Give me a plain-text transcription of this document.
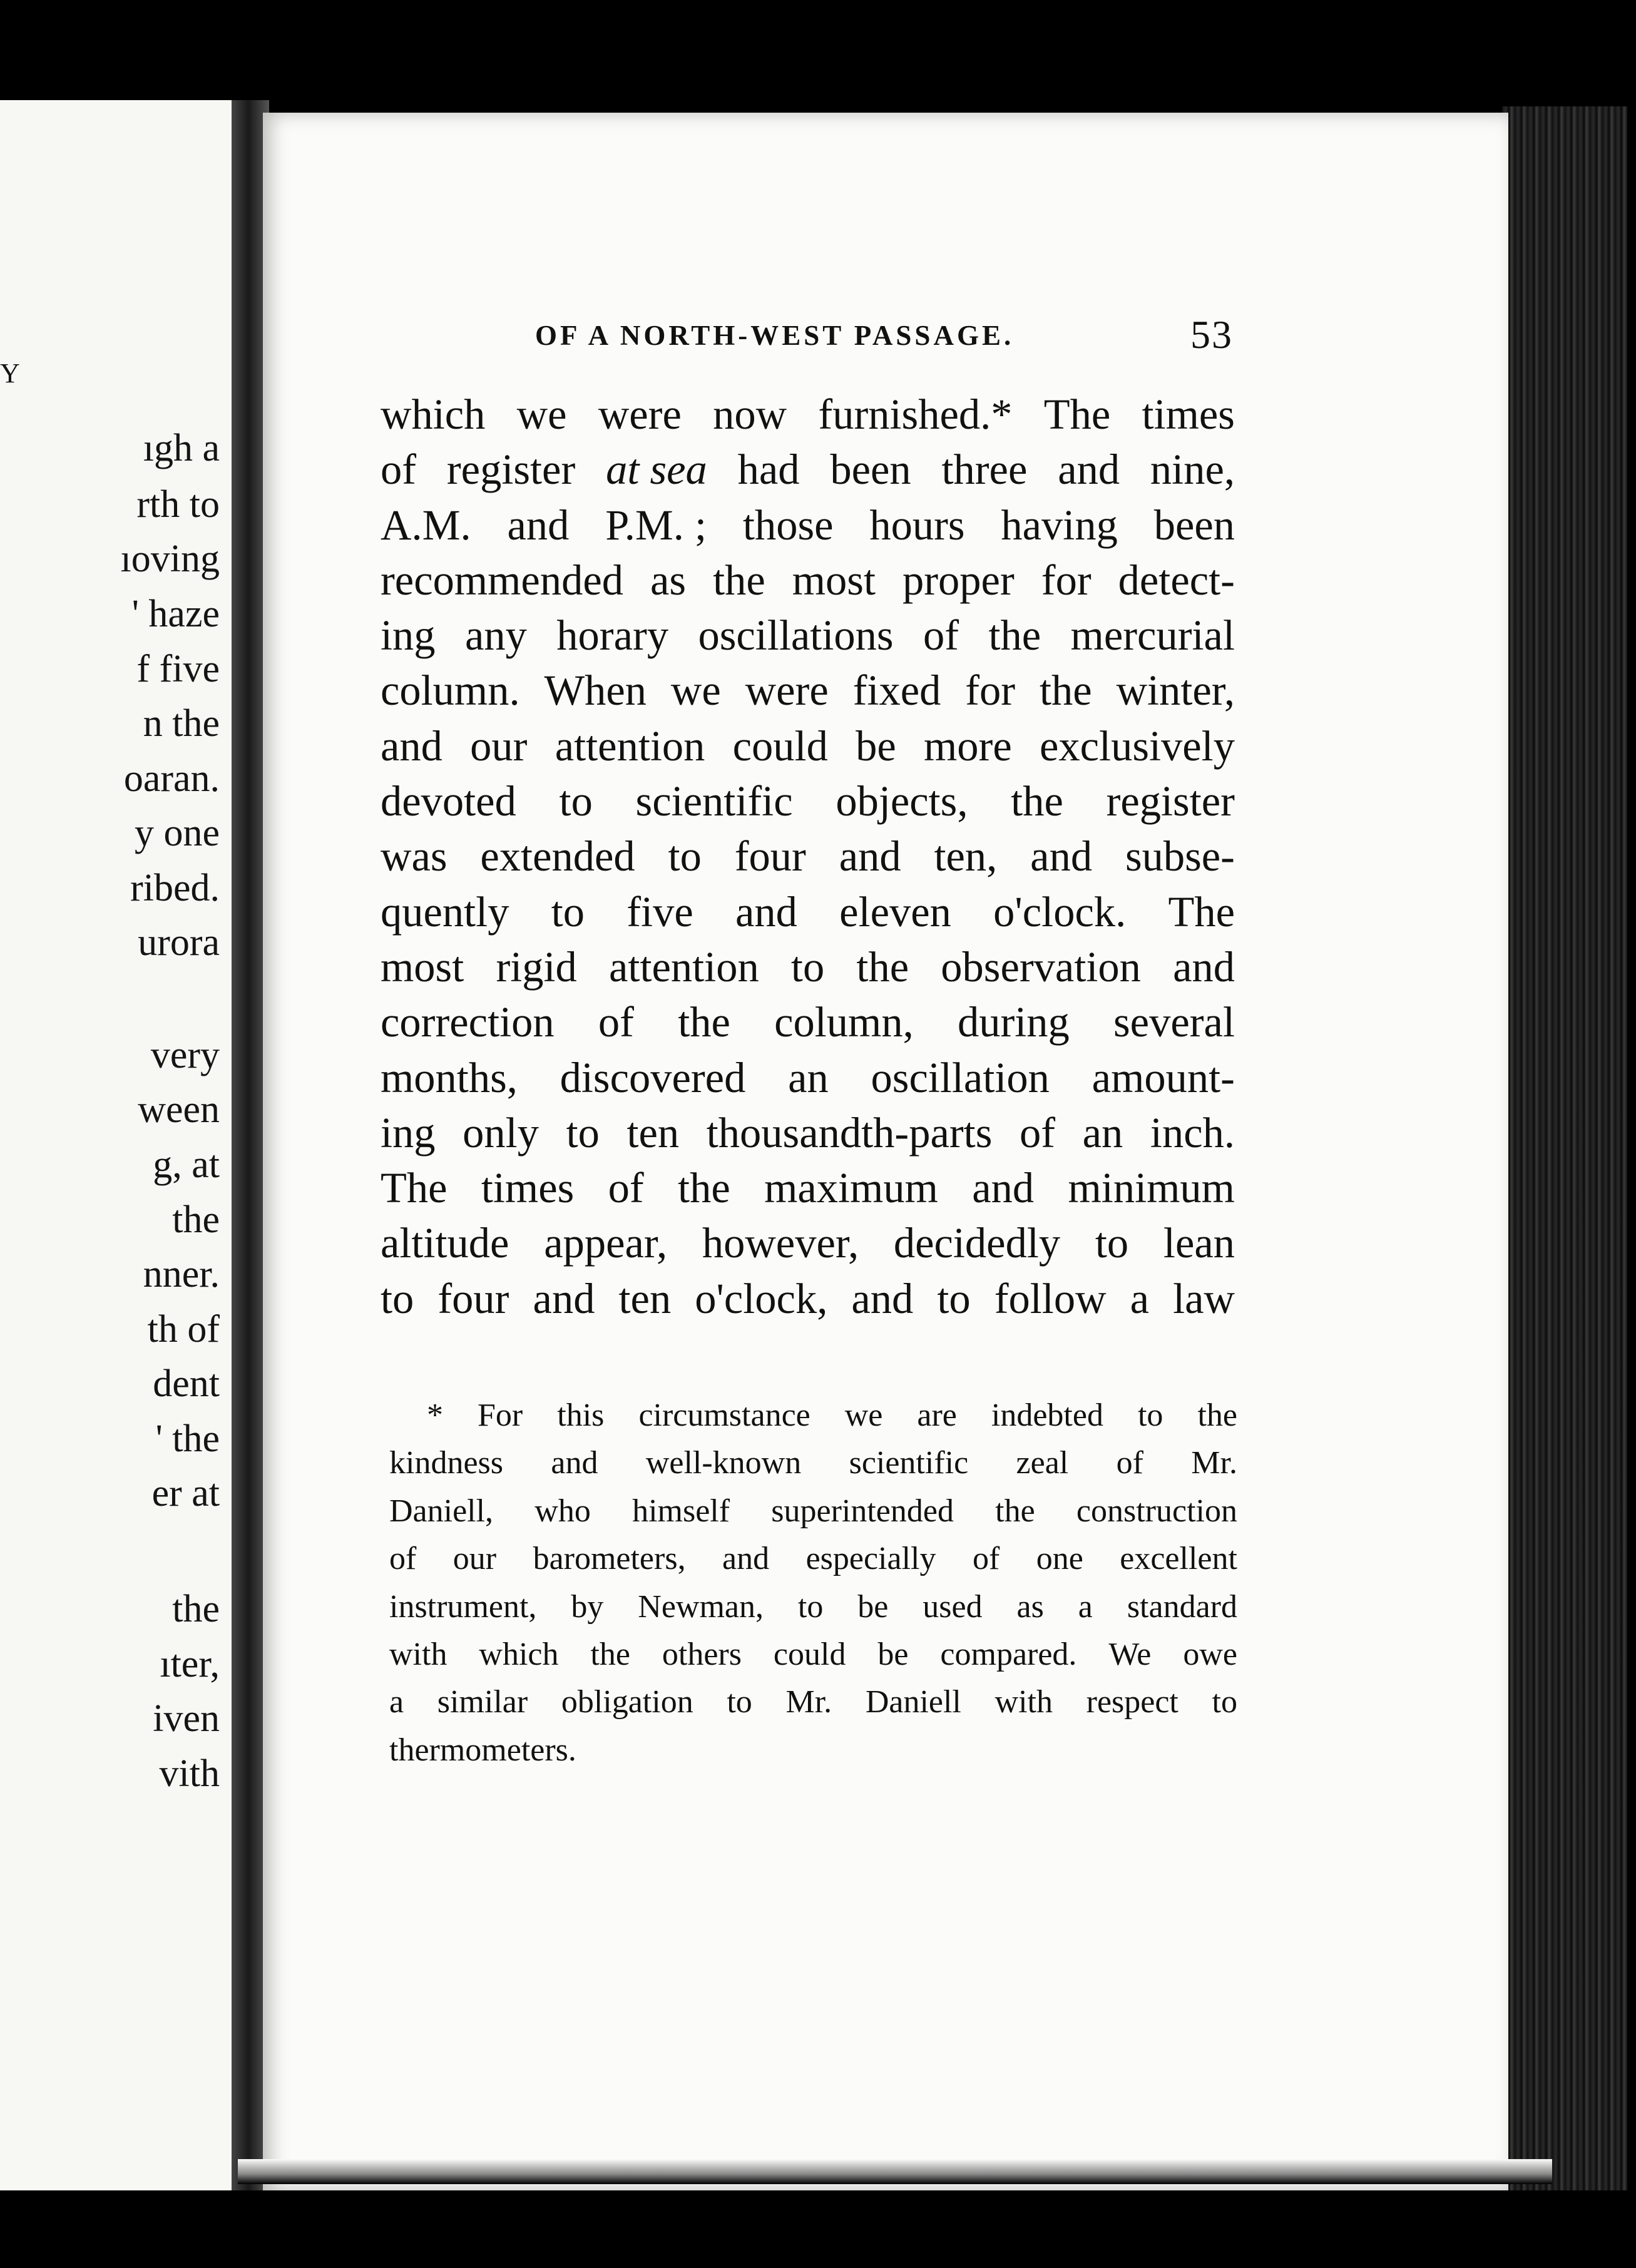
Y
ıgh a
rth to
ıoving
' haze
f five
n the
oaran.
y one
ribed.
urora
very
ween
g, at
the
nner.
th of
dent
' the
er at
the
ıter,
iven
vith
OF A NORTH-WEST PASSAGE.	53
which we were now furnished.* The times
of register at sea had been three and nine,
A.M. and P.M. ; those hours having been
recommended as the most proper for detect-
ing any horary oscillations of the mercurial
column. When we were fixed for the winter,
and our attention could be more exclusively
devoted to scientific objects, the register
was extended to four and ten, and subse-
quently to five and eleven o'clock. The
most rigid attention to the observation and
correction of the column, during several
months, discovered an oscillation amount-
ing only to ten thousandth-parts of an inch.
The times of the maximum and minimum
altitude appear, however, decidedly to lean
to four and ten o'clock, and to follow a law
* For this circumstance we are indebted to the
kindness and well-known scientific zeal of Mr.
Daniell, who himself superintended the construction
of our barometers, and especially of one excellent
instrument, by Newman, to be used as a standard
with which the others could be compared. We owe
a similar obligation to Mr. Daniell with respect to
thermometers.
